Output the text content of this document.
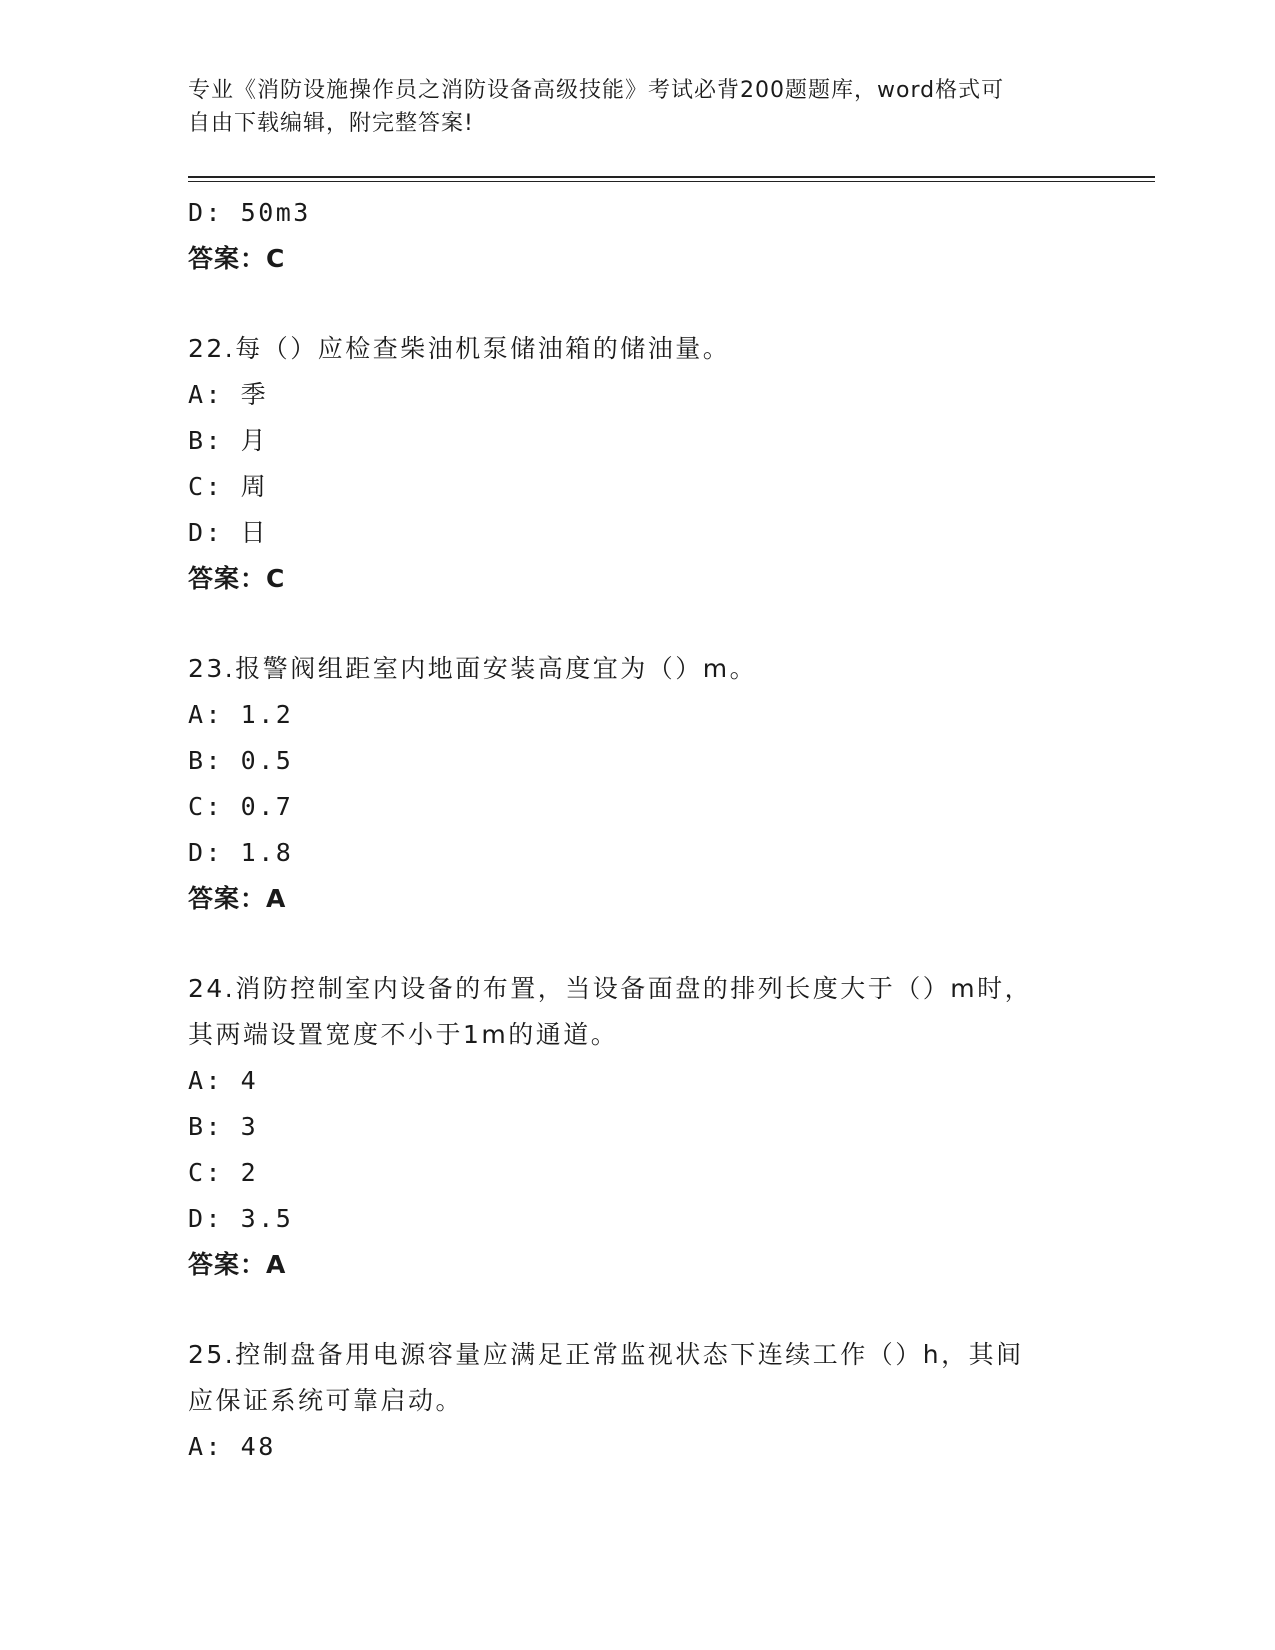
专业《消防设施操作员之消防设备高级技能》考试必背200题题库，word格式可
自由下载编辑，附完整答案!
D: 50m3
答案：C
22.每（）应检查柴油机泵储油箱的储油量。
A: 季
B: 月
C: 周
D: 日
答案：C
23.报警阀组距室内地面安装高度宜为（）m。
A: 1.2
B: 0.5
C: 0.7
D: 1.8
答案：A
24.消防控制室内设备的布置，当设备面盘的排列长度大于（）m时，
其两端设置宽度不小于1m的通道。
A: 4
B: 3
C: 2
D: 3.5
答案：A
25.控制盘备用电源容量应满足正常监视状态下连续工作（）h，其间
应保证系统可靠启动。
A: 48
